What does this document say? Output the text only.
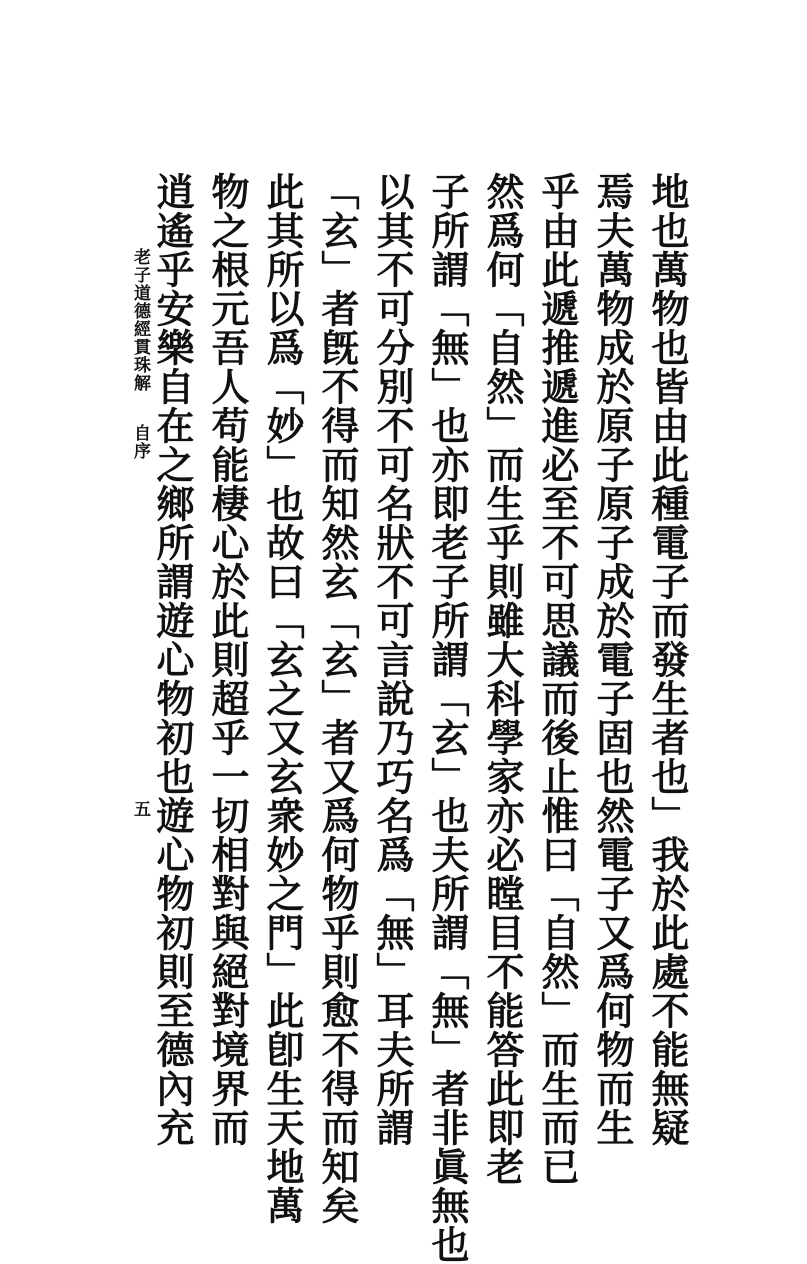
地也萬物也皆由此種電子而發生者也」我於此處不能無疑
焉夫萬物成於原子原子成於電子固也然電子又爲何物而生
乎由此遞推遞進必至不可思議而後止惟曰「自然」而生而已
然爲何「自然」而生乎則雖大科學家亦必瞠目不能答此即老
子所謂「無」也亦即老子所謂「玄」也夫所謂「無」者非眞無也
以其不可分別不可名狀不可言說乃巧名爲「無」耳夫所謂
「玄」者旣不得而知然玄「玄」者又爲何物乎則愈不得而知矣
此其所以爲「妙」也故曰「玄之又玄衆妙之門」此卽生天地萬
物之根元吾人苟能棲心於此則超乎一切相對與絕對境界而
逍遙乎安樂自在之鄉所謂遊心物初也遊心物初則至德內充
老子道德經貫珠解
自序
五
